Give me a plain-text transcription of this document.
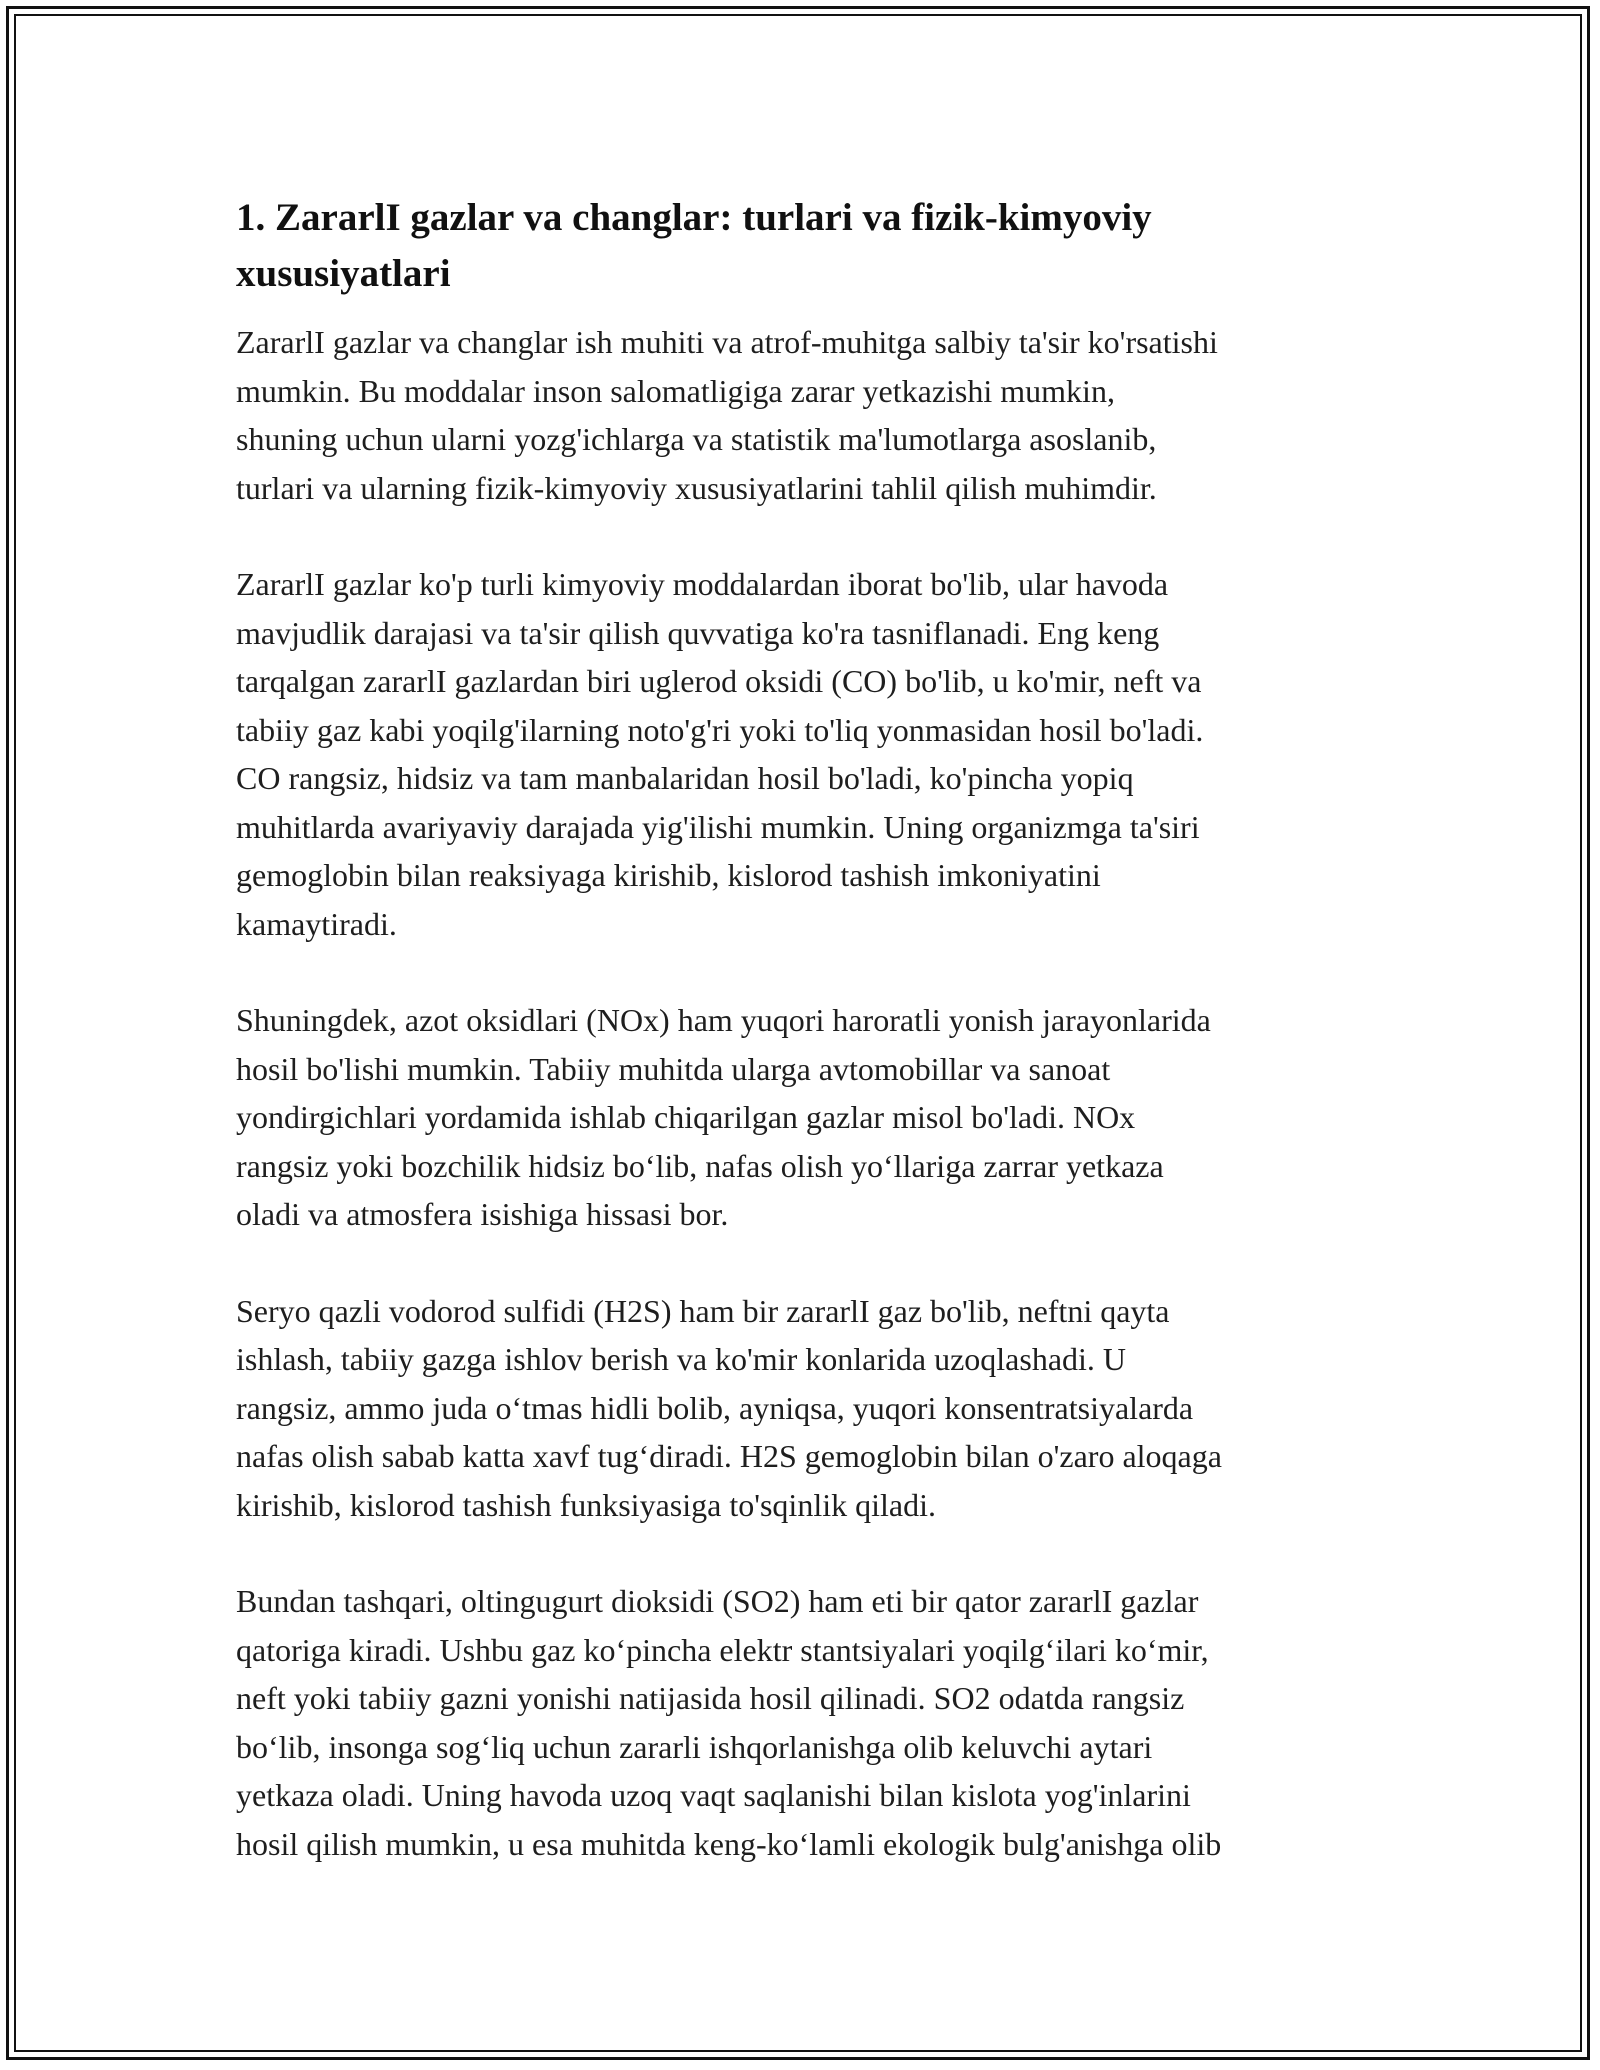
1. ZararlI gazlar va changlar: turlari va fizik-kimyoviy
xususiyatlari

ZararlI gazlar va changlar ish muhiti va atrof-muhitga salbiy ta'sir ko'rsatishi
mumkin. Bu moddalar inson salomatligiga zarar yetkazishi mumkin,
shuning uchun ularni yozg'ichlarga va statistik ma'lumotlarga asoslanib,
turlari va ularning fizik-kimyoviy xususiyatlarini tahlil qilish muhimdir.

ZararlI gazlar ko'p turli kimyoviy moddalardan iborat bo'lib, ular havoda
mavjudlik darajasi va ta'sir qilish quvvatiga ko'ra tasniflanadi. Eng keng
tarqalgan zararlI gazlardan biri uglerod oksidi (CO) bo'lib, u ko'mir, neft va
tabiiy gaz kabi yoqilg'ilarning noto'g'ri yoki to'liq yonmasidan hosil bo'ladi.
CO rangsiz, hidsiz va tam manbalaridan hosil bo'ladi, ko'pincha yopiq
muhitlarda avariyaviy darajada yig'ilishi mumkin. Uning organizmga ta'siri
gemoglobin bilan reaksiyaga kirishib, kislorod tashish imkoniyatini
kamaytiradi.

Shuningdek, azot oksidlari (NOx) ham yuqori haroratli yonish jarayonlarida
hosil bo'lishi mumkin. Tabiiy muhitda ularga avtomobillar va sanoat
yondirgichlari yordamida ishlab chiqarilgan gazlar misol bo'ladi. NOx
rangsiz yoki bozchilik hidsiz bo‘lib, nafas olish yo‘llariga zarrar yetkaza
oladi va atmosfera isishiga hissasi bor.

Seryo qazli vodorod sulfidi (H2S) ham bir zararlI gaz bo'lib, neftni qayta
ishlash, tabiiy gazga ishlov berish va ko'mir konlarida uzoqlashadi. U
rangsiz, ammo juda o‘tmas hidli bolib, ayniqsa, yuqori konsentratsiyalarda
nafas olish sabab katta xavf tug‘diradi. H2S gemoglobin bilan o'zaro aloqaga
kirishib, kislorod tashish funksiyasiga to'sqinlik qiladi.

Bundan tashqari, oltingugurt dioksidi (SO2) ham eti bir qator zararlI gazlar
qatoriga kiradi. Ushbu gaz ko‘pincha elektr stantsiyalari yoqilg‘ilari ko‘mir,
neft yoki tabiiy gazni yonishi natijasida hosil qilinadi. SO2 odatda rangsiz
bo‘lib, insonga sog‘liq uchun zararli ishqorlanishga olib keluvchi aytari
yetkaza oladi. Uning havoda uzoq vaqt saqlanishi bilan kislota yog'inlarini
hosil qilish mumkin, u esa muhitda keng-ko‘lamli ekologik bulg'anishga olib
